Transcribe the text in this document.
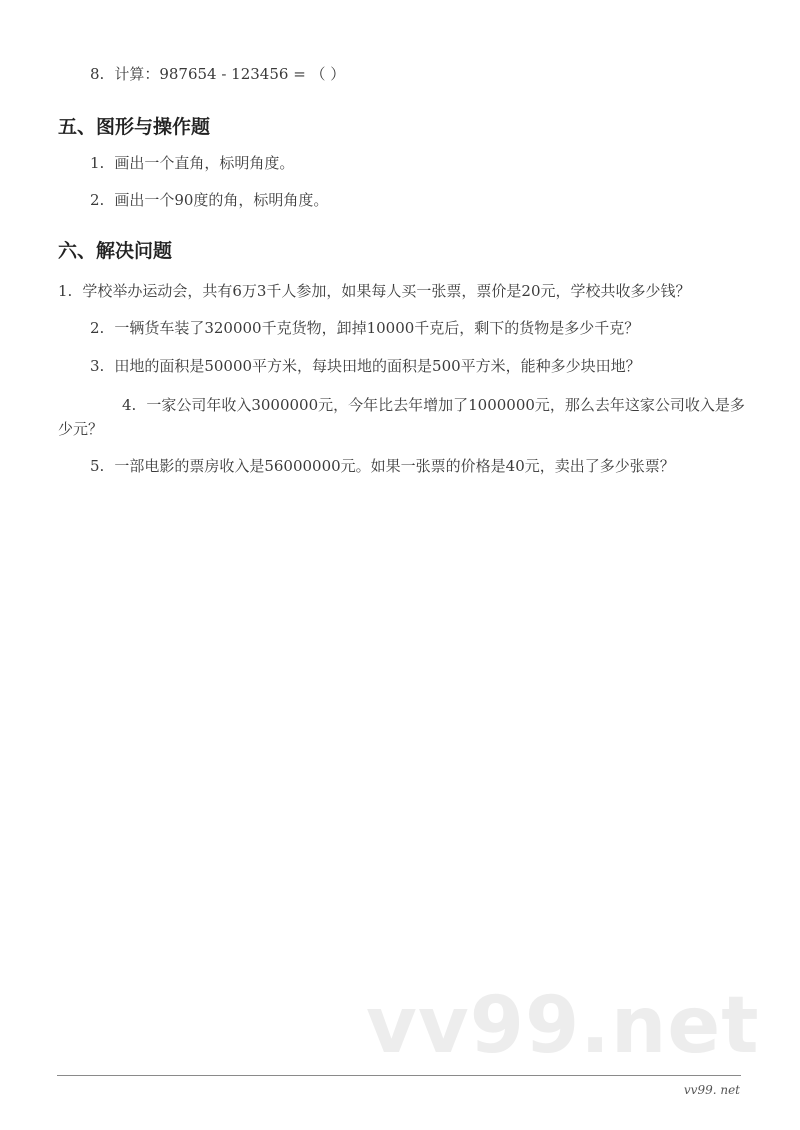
8. 计算：987654 - 123456 = （ ）
五、图形与操作题
1. 画出一个直角，标明角度。
2. 画出一个90度的角，标明角度。
六、解决问题
1. 学校举办运动会，共有6万3千人参加，如果每人买一张票，票价是20元，学校共收多少钱？
2. 一辆货车装了320000千克货物，卸掉10000千克后，剩下的货物是多少千克？
3. 田地的面积是50000平方米，每块田地的面积是500平方米，能种多少块田地？
4. 一家公司年收入3000000元，今年比去年增加了1000000元，那么去年这家公司收入是多少元？
5. 一部电影的票房收入是56000000元。如果一张票的价格是40元，卖出了多少张票？
vv99.net
vv99. net
